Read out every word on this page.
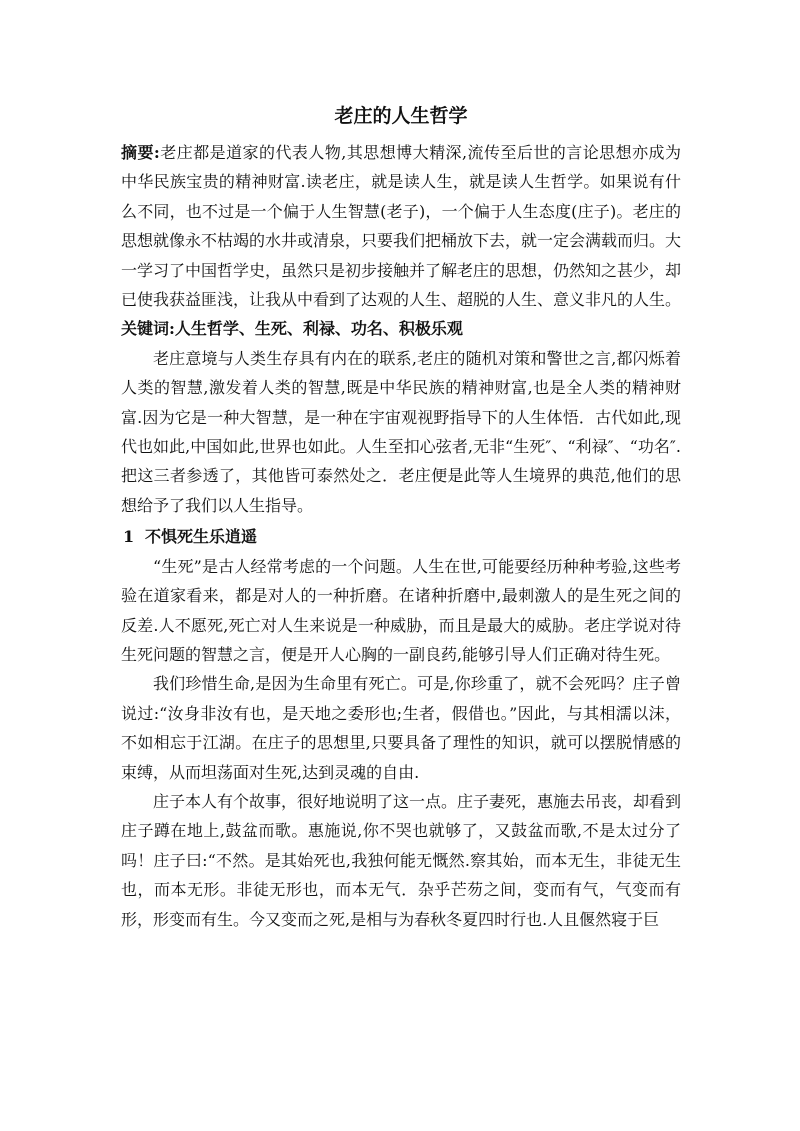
老庄的人生哲学

摘要:老庄都是道家的代表人物,其思想博大精深,流传至后世的言论思想亦成为中华民族宝贵的精神财富.读老庄，就是读人生，就是读人生哲学。如果说有什么不同，也不过是一个偏于人生智慧(老子)，一个偏于人生态度(庄子)。老庄的思想就像永不枯竭的水井或清泉，只要我们把桶放下去，就一定会满载而归。大一学习了中国哲学史，虽然只是初步接触并了解老庄的思想，仍然知之甚少，却已使我获益匪浅，让我从中看到了达观的人生、超脱的人生、意义非凡的人生。

关键词:人生哲学、生死、利禄、功名、积极乐观

老庄意境与人类生存具有内在的联系,老庄的随机对策和警世之言,都闪烁着人类的智慧,激发着人类的智慧,既是中华民族的精神财富,也是全人类的精神财富.因为它是一种大智慧，是一种在宇宙观视野指导下的人生体悟．古代如此,现代也如此,中国如此,世界也如此。人生至扣心弦者,无非“生死″、“利禄″、“功名″.把这三者参透了，其他皆可泰然处之．老庄便是此等人生境界的典范,他们的思想给予了我们以人生指导。

1 不惧死生乐逍遥

“生死”是古人经常考虑的一个问题。人生在世,可能要经历种种考验,这些考验在道家看来，都是对人的一种折磨。在诸种折磨中,最刺激人的是生死之间的反差.人不愿死,死亡对人生来说是一种威胁，而且是最大的威胁。老庄学说对待生死问题的智慧之言，便是开人心胸的一副良药,能够引导人们正确对待生死。

我们珍惜生命,是因为生命里有死亡。可是,你珍重了，就不会死吗？庄子曾说过:“汝身非汝有也，是天地之委形也;生者，假借也。”因此，与其相濡以沫，不如相忘于江湖。在庄子的思想里,只要具备了理性的知识，就可以摆脱情感的束缚，从而坦荡面对生死,达到灵魂的自由.

庄子本人有个故事，很好地说明了这一点。庄子妻死，惠施去吊丧，却看到庄子蹲在地上,鼓盆而歌。惠施说,你不哭也就够了，又鼓盆而歌,不是太过分了吗！庄子曰:“不然。是其始死也,我独何能无慨然.察其始，而本无生，非徒无生也，而本无形。非徒无形也，而本无气．杂乎芒芴之间，变而有气，气变而有形，形变而有生。今又变而之死,是相与为春秋冬夏四时行也.人且偃然寝于巨
